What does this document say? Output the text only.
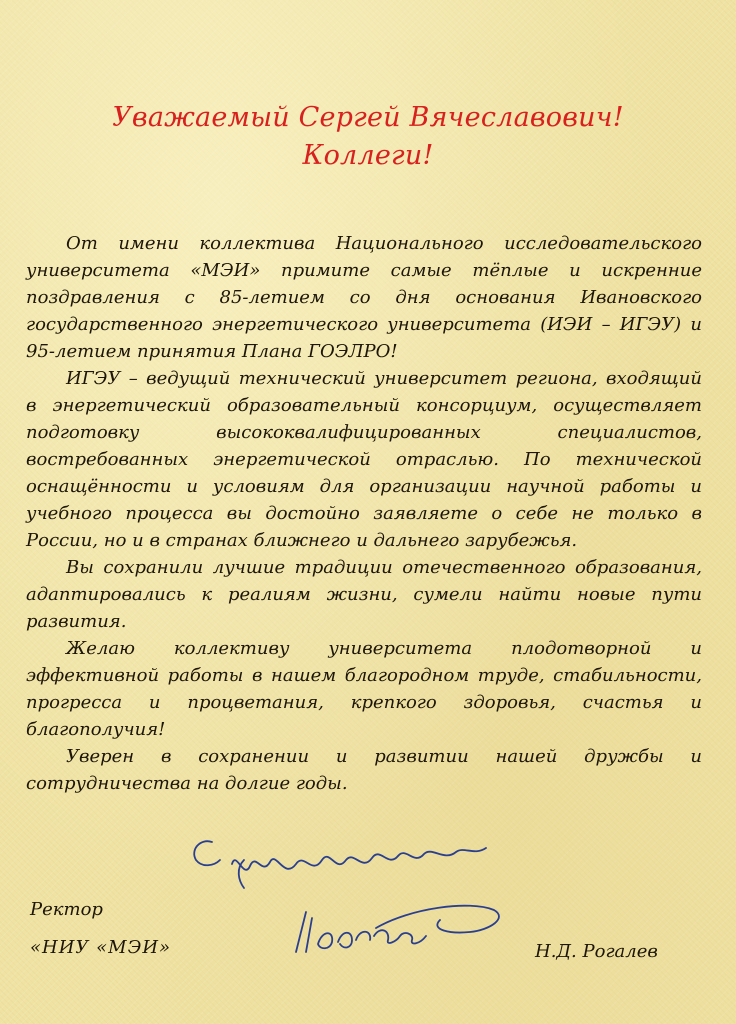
Уважаемый Сергей Вячеславович!
Коллеги!

От имени коллектива Национального исследовательского университета «МЭИ» примите самые тёплые и искренние поздравления с 85-летием со дня основания Ивановского государственного энергетического университета (ИЭИ – ИГЭУ) и 95-летием принятия Плана ГОЭЛРО!

ИГЭУ – ведущий технический университет региона, входящий в энергетический образовательный консорциум, осуществляет подготовку высококвалифицированных специалистов, востребованных энергетической отраслью. По технической оснащённости и условиям для организации научной работы и учебного процесса вы достойно заявляете о себе не только в России, но и в странах ближнего и дальнего зарубежья.

Вы сохранили лучшие традиции отечественного образования, адаптировались к реалиям жизни, сумели найти новые пути развития.

Желаю коллективу университета плодотворной и эффективной работы в нашем благородном труде, стабильности, прогресса и процветания, крепкого здоровья, счастья и благополучия!

Уверен в сохранении и развитии нашей дружбы и сотрудничества на долгие годы.

Ректор
«НИУ «МЭИ»	Н.Д. Рогалев
